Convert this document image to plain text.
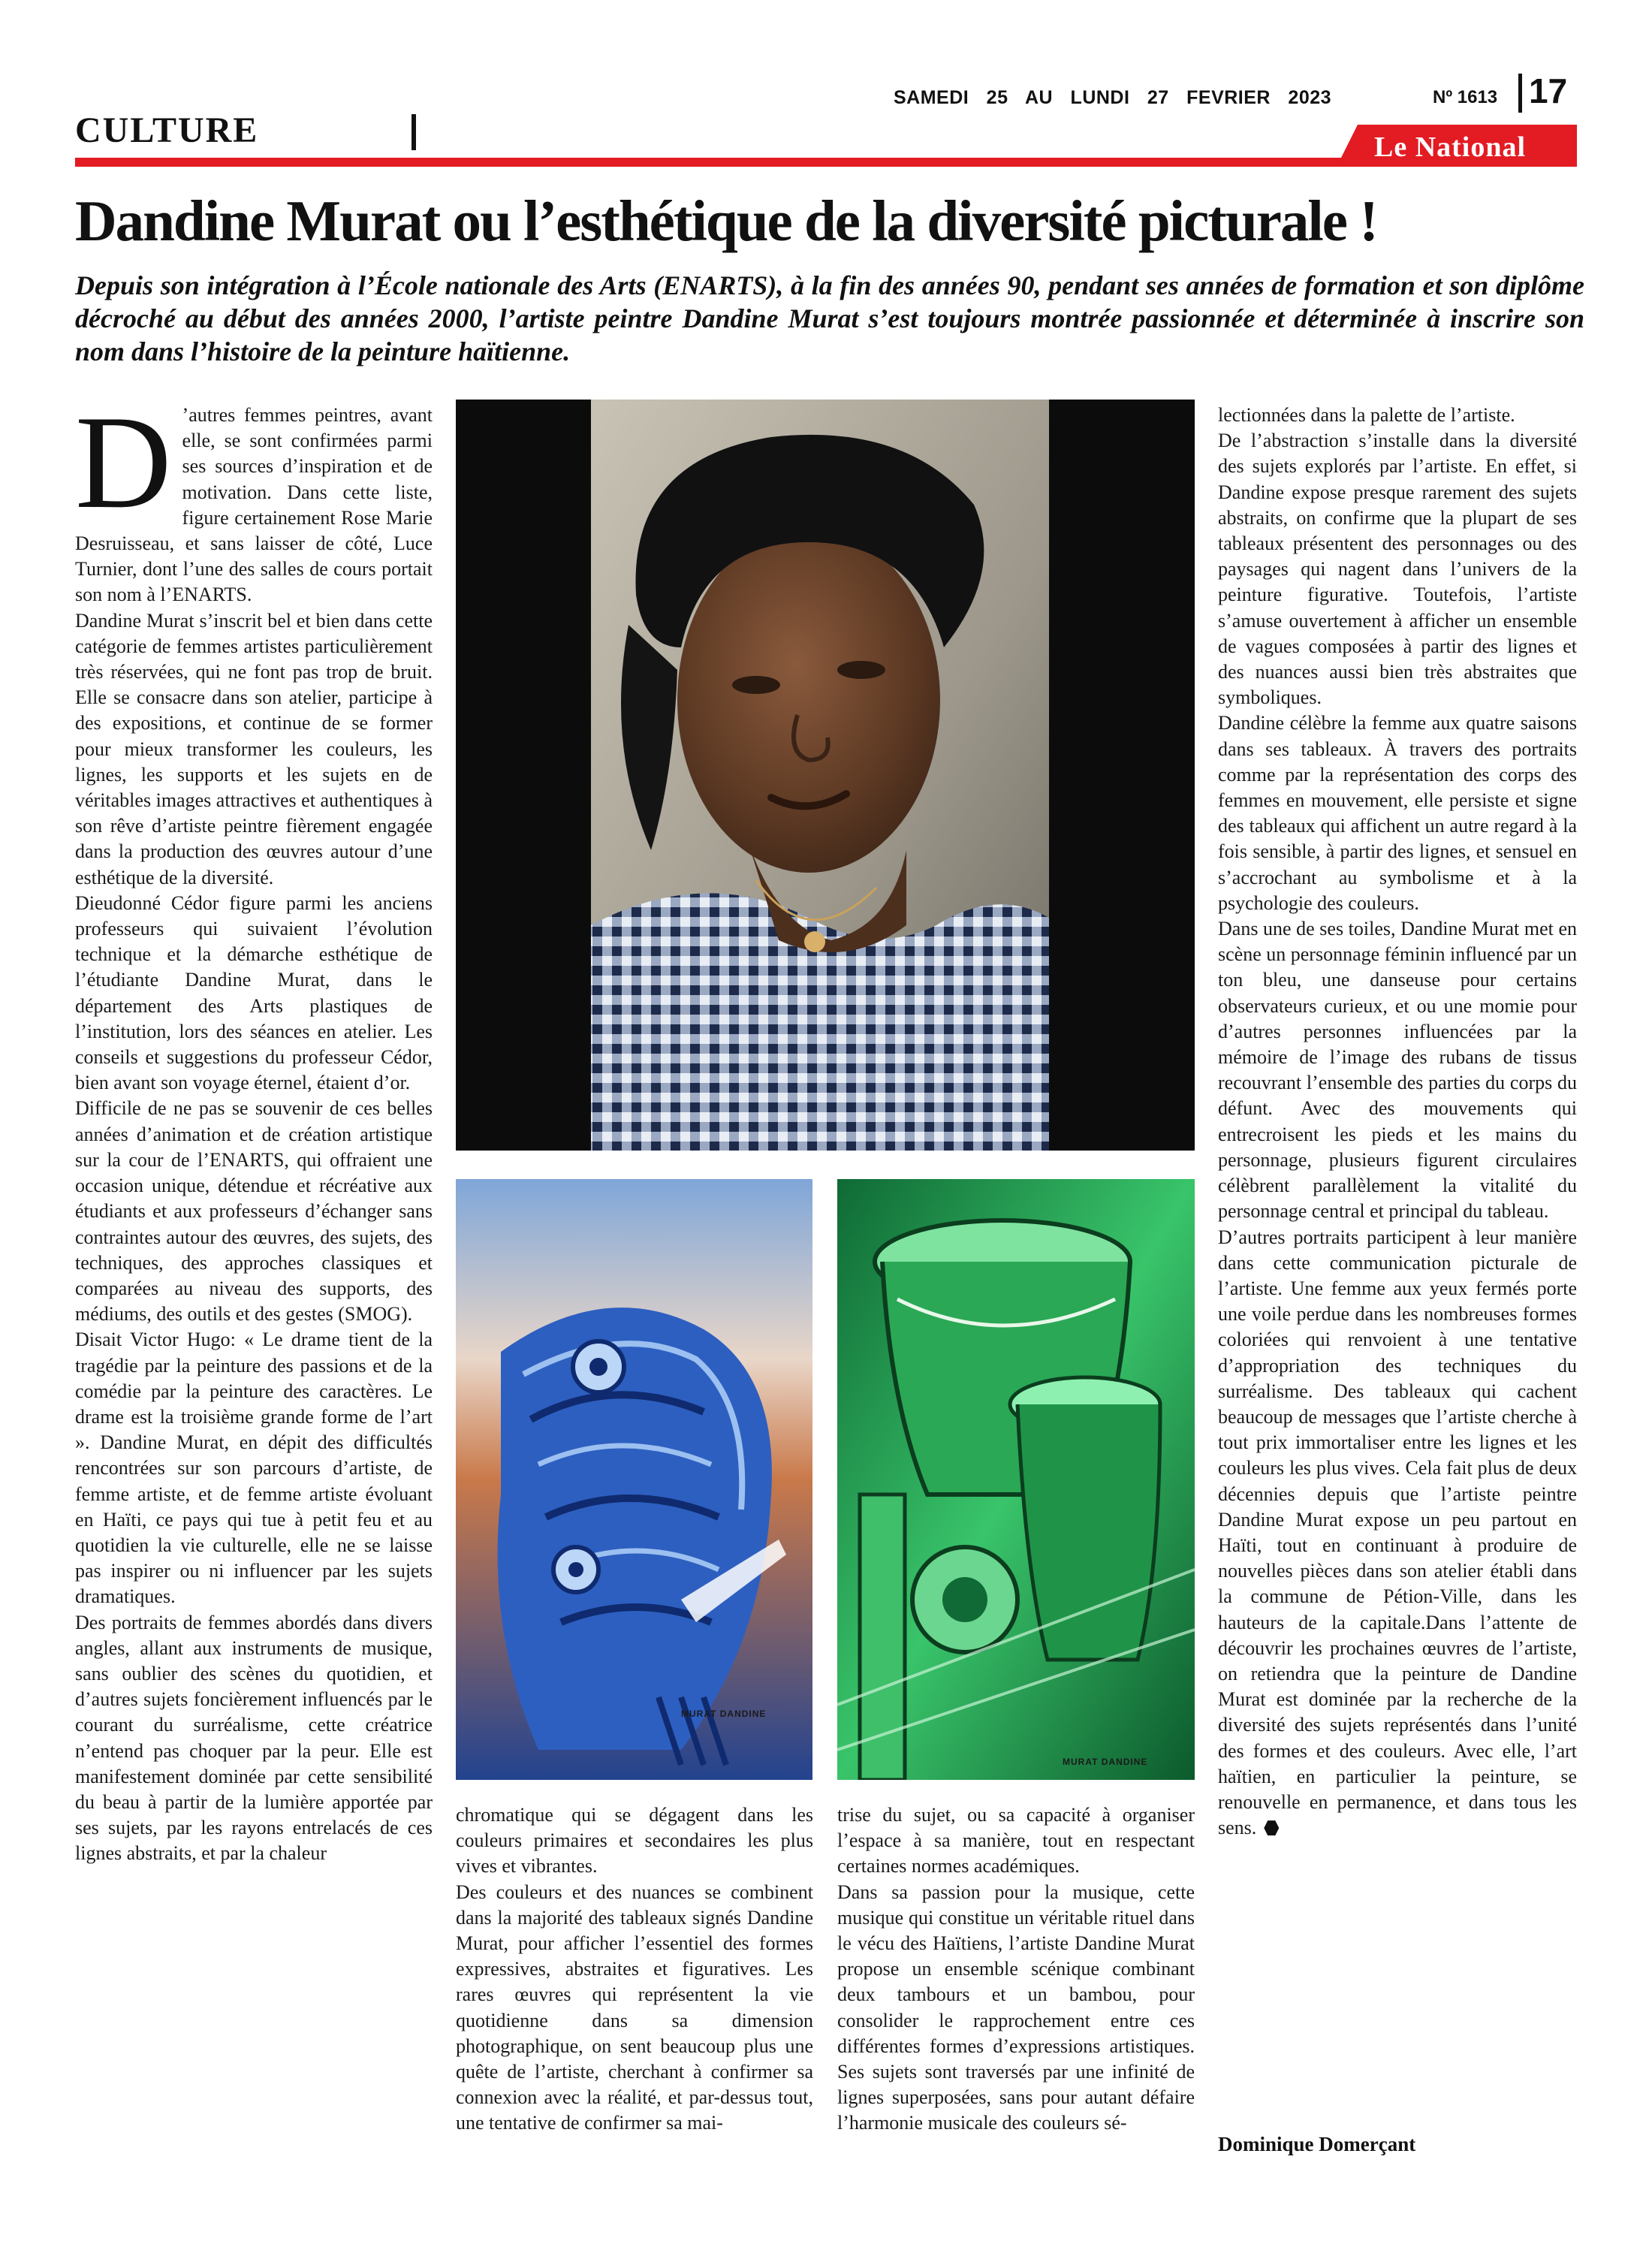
CULTURE
SAMEDI 25 AU LUNDI 27 FEVRIER 2023	Nº 1613 17
Le National
Dandine Murat ou l’esthétique de la diversité picturale !
Depuis son intégration à l’École nationale des Arts (ENARTS), à la fin des années 90, pendant ses années de formation et son diplôme décroché au début des années 2000, l’artiste peintre Dandine Murat s’est toujours montrée passionnée et déterminée à inscrire son nom dans l’histoire de la peinture haïtienne.

D ’autres femmes peintres, avant elle, se sont confirmées parmi ses sources d’inspiration et de motivation. Dans cette liste, figure certainement Rose Marie Desruisseau, et sans laisser de côté, Luce Turnier, dont l’une des salles de cours portait son nom à l’ENARTS.

Dandine Murat s’inscrit bel et bien dans cette catégorie de femmes artistes particulièrement très réservées, qui ne font pas trop de bruit. Elle se consacre dans son atelier, participe à des expositions, et continue de se former pour mieux transformer les couleurs, les lignes, les supports et les sujets en de véritables images attractives et authentiques à son rêve d’artiste peintre fièrement engagée dans la production des œuvres autour d’une esthétique de la diversité.

Dieudonné Cédor figure parmi les anciens professeurs qui suivaient l’évolution technique et la démarche esthétique de l’étudiante Dandine Murat, dans le département des Arts plastiques de l’institution, lors des séances en atelier. Les conseils et suggestions du professeur Cédor, bien avant son voyage éternel, étaient d’or.

Difficile de ne pas se souvenir de ces belles années d’animation et de création artistique sur la cour de l’ENARTS, qui offraient une occasion unique, détendue et récréative aux étudiants et aux professeurs d’échanger sans contraintes autour des œuvres, des sujets, des techniques, des approches classiques et comparées au niveau des supports, des médiums, des outils et des gestes (SMOG).

Disait Victor Hugo: « Le drame tient de la tragédie par la peinture des passions et de la comédie par la peinture des caractères. Le drame est la troisième grande forme de l’art ». Dandine Murat, en dépit des difficultés rencontrées sur son parcours d’artiste, de femme artiste, et de femme artiste évoluant en Haïti, ce pays qui tue à petit feu et au quotidien la vie culturelle, elle ne se laisse pas inspirer ou ni influencer par les sujets dramatiques.

Des portraits de femmes abordés dans divers angles, allant aux instruments de musique, sans oublier des scènes du quotidien, et d’autres sujets foncièrement influencés par le courant du surréalisme, cette créatrice n’entend pas choquer par la peur. Elle est manifestement dominée par cette sensibilité du beau à partir de la lumière apportée par ses sujets, par les rayons entrelacés de ces lignes abstraits, et par la chaleur

MURAT DANDINE
MURAT DANDINE

chromatique qui se dégagent dans les couleurs primaires et secondaires les plus vives et vibrantes.

Des couleurs et des nuances se combinent dans la majorité des tableaux signés Dandine Murat, pour afficher l’essentiel des formes expressives, abstraites et figuratives. Les rares œuvres qui représentent la vie quotidienne dans sa dimension photographique, on sent beaucoup plus une quête de l’artiste, cherchant à confirmer sa connexion avec la réalité, et par-dessus tout, une tentative de confirmer sa mai-

trise du sujet, ou sa capacité à organiser l’espace à sa manière, tout en respectant certaines normes académiques.

Dans sa passion pour la musique, cette musique qui constitue un véritable rituel dans le vécu des Haïtiens, l’artiste Dandine Murat propose un ensemble scénique combinant deux tambours et un bambou, pour consolider le rapprochement entre ces différentes formes d’expressions artistiques. Ses sujets sont traversés par une infinité de lignes superposées, sans pour autant défaire l’harmonie musicale des couleurs sé-

lectionnées dans la palette de l’artiste.

De l’abstraction s’installe dans la diversité des sujets explorés par l’artiste. En effet, si Dandine expose presque rarement des sujets abstraits, on confirme que la plupart de ses tableaux présentent des personnages ou des paysages qui nagent dans l’univers de la peinture figurative. Toutefois, l’artiste s’amuse ouvertement à afficher un ensemble de vagues composées à partir des lignes et des nuances aussi bien très abstraites que symboliques.

Dandine célèbre la femme aux quatre saisons dans ses tableaux. À travers des portraits comme par la représentation des corps des femmes en mouvement, elle persiste et signe des tableaux qui affichent un autre regard à la fois sensible, à partir des lignes, et sensuel en s’accrochant au symbolisme et à la psychologie des couleurs.

Dans une de ses toiles, Dandine Murat met en scène un personnage féminin influencé par un ton bleu, une danseuse pour certains observateurs curieux, et ou une momie pour d’autres personnes influencées par la mémoire de l’image des rubans de tissus recouvrant l’ensemble des parties du corps du défunt. Avec des mouvements qui entrecroisent les pieds et les mains du personnage, plusieurs figurent circulaires célèbrent parallèlement la vitalité du personnage central et principal du tableau.

D’autres portraits participent à leur manière dans cette communication picturale de l’artiste. Une femme aux yeux fermés porte une voile perdue dans les nombreuses formes coloriées qui renvoient à une tentative d’appropriation des techniques du surréalisme. Des tableaux qui cachent beaucoup de messages que l’artiste cherche à tout prix immortaliser entre les lignes et les couleurs les plus vives. Cela fait plus de deux décennies depuis que l’artiste peintre Dandine Murat expose un peu partout en Haïti, tout en continuant à produire de nouvelles pièces dans son atelier établi dans la commune de Pétion-Ville, dans les hauteurs de la capitale.Dans l’attente de découvrir les prochaines œuvres de l’artiste, on retiendra que la peinture de Dandine Murat est dominée par la recherche de la diversité des sujets représentés dans l’unité des formes et des couleurs. Avec elle, l’art haïtien, en particulier la peinture, se renouvelle en permanence, et dans tous les sens.

Dominique Domerçant
